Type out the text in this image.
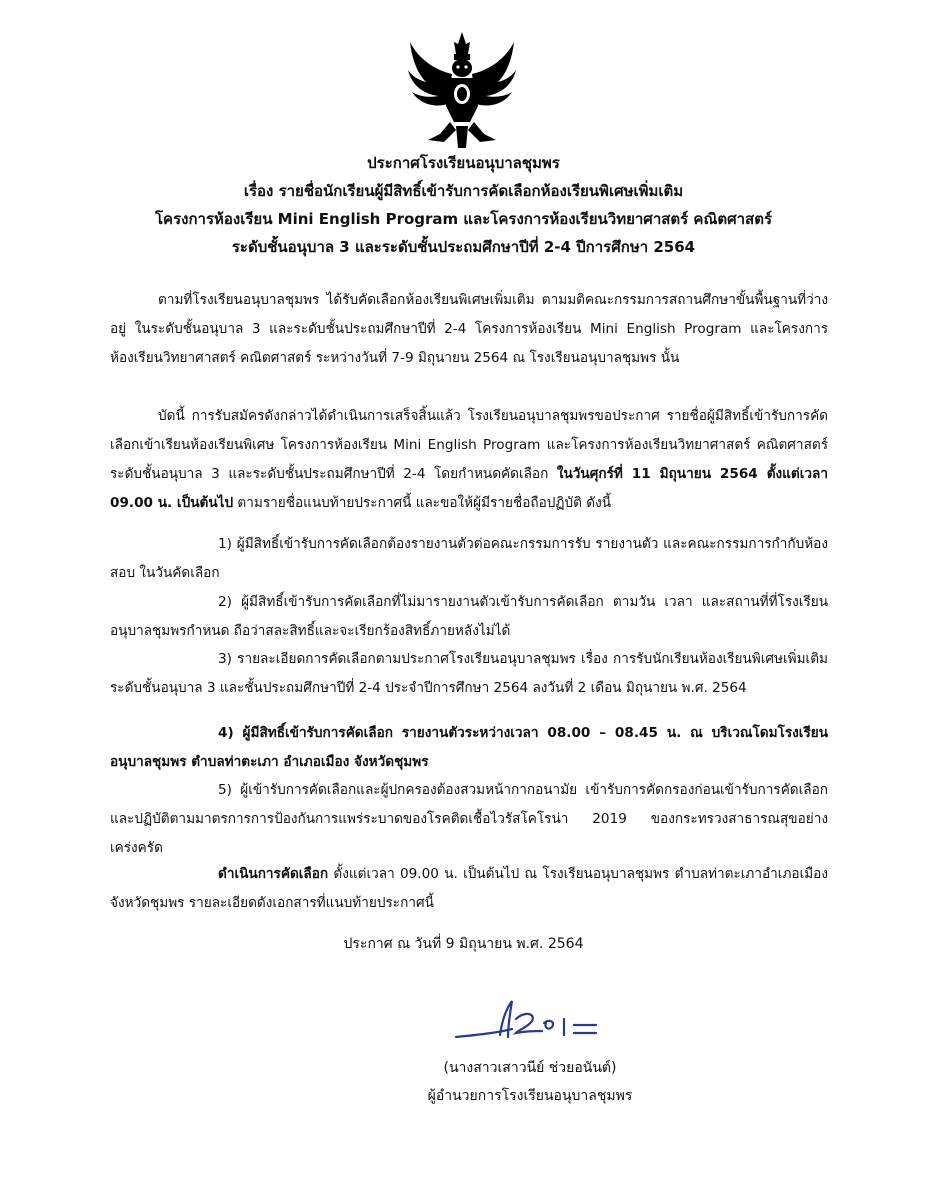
ประกาศโรงเรียนอนุบาลชุมพร
เรื่อง รายชื่อนักเรียนผู้มีสิทธิ์เข้ารับการคัดเลือกห้องเรียนพิเศษเพิ่มเติม
โครงการห้องเรียน Mini English Program และโครงการห้องเรียนวิทยาศาสตร์ คณิตศาสตร์
ระดับชั้นอนุบาล 3 และระดับชั้นประถมศึกษาปีที่ 2-4 ปีการศึกษา 2564
ตามที่โรงเรียนอนุบาลชุมพร ได้รับคัดเลือกห้องเรียนพิเศษเพิ่มเติม ตามมติคณะกรรมการสถานศึกษาขั้นพื้นฐานที่ว่างอยู่ ในระดับชั้นอนุบาล 3 และระดับชั้นประถมศึกษาปีที่ 2-4 โครงการห้องเรียน Mini English Program และโครงการห้องเรียนวิทยาศาสตร์ คณิตศาสตร์ ระหว่างวันที่ 7-9 มิถุนายน 2564 ณ โรงเรียนอนุบาลชุมพร นั้น
บัดนี้ การรับสมัครดังกล่าวได้ดำเนินการเสร็จสิ้นแล้ว โรงเรียนอนุบาลชุมพรขอประกาศ รายชื่อผู้มีสิทธิ์เข้ารับการคัดเลือกเข้าเรียนห้องเรียนพิเศษ โครงการห้องเรียน Mini English Program และโครงการห้องเรียนวิทยาศาสตร์ คณิตศาสตร์ ระดับชั้นอนุบาล 3 และระดับชั้นประถมศึกษาปีที่ 2-4 โดยกำหนดคัดเลือก ในวันศุกร์ที่ 11 มิถุนายน 2564 ตั้งแต่เวลา 09.00 น. เป็นต้นไป ตามรายชื่อแนบท้ายประกาศนี้ และขอให้ผู้มีรายชื่อถือปฏิบัติ ดังนี้
1) ผู้มีสิทธิ์เข้ารับการคัดเลือกต้องรายงานตัวต่อคณะกรรมการรับ รายงานตัว และคณะกรรมการกำกับห้องสอบ ในวันคัดเลือก
2) ผู้มีสิทธิ์เข้ารับการคัดเลือกที่ไม่มารายงานตัวเข้ารับการคัดเลือก ตามวัน เวลา และสถานที่ที่โรงเรียนอนุบาลชุมพรกำหนด ถือว่าสละสิทธิ์และจะเรียกร้องสิทธิ์ภายหลังไม่ได้
3) รายละเอียดการคัดเลือกตามประกาศโรงเรียนอนุบาลชุมพร เรื่อง การรับนักเรียนห้องเรียนพิเศษเพิ่มเติมระดับชั้นอนุบาล 3 และชั้นประถมศึกษาปีที่ 2-4 ประจำปีการศึกษา 2564 ลงวันที่ 2 เดือน มิถุนายน พ.ศ. 2564
4) ผู้มีสิทธิ์เข้ารับการคัดเลือก รายงานตัวระหว่างเวลา 08.00 – 08.45 น. ณ บริเวณโดมโรงเรียนอนุบาลชุมพร ตำบลท่าตะเภา อำเภอเมือง จังหวัดชุมพร
5) ผู้เข้ารับการคัดเลือกและผู้ปกครองต้องสวมหน้ากากอนามัย เข้ารับการคัดกรองก่อนเข้ารับการคัดเลือกและปฏิบัติตามมาตรการการป้องกันการแพร่ระบาดของโรคติดเชื้อไวรัสโคโรน่า 2019 ของกระทรวงสาธารณสุขอย่างเคร่งครัด
ดำเนินการคัดเลือก ตั้งแต่เวลา 09.00 น. เป็นต้นไป ณ โรงเรียนอนุบาลชุมพร ตำบลท่าตะเภาอำเภอเมือง จังหวัดชุมพร รายละเอียดดังเอกสารที่แนบท้ายประกาศนี้
ประกาศ ณ วันที่ 9 มิถุนายน พ.ศ. 2564
(นางสาวเสาวนีย์ ช่วยอนันต์)
ผู้อำนวยการโรงเรียนอนุบาลชุมพร
